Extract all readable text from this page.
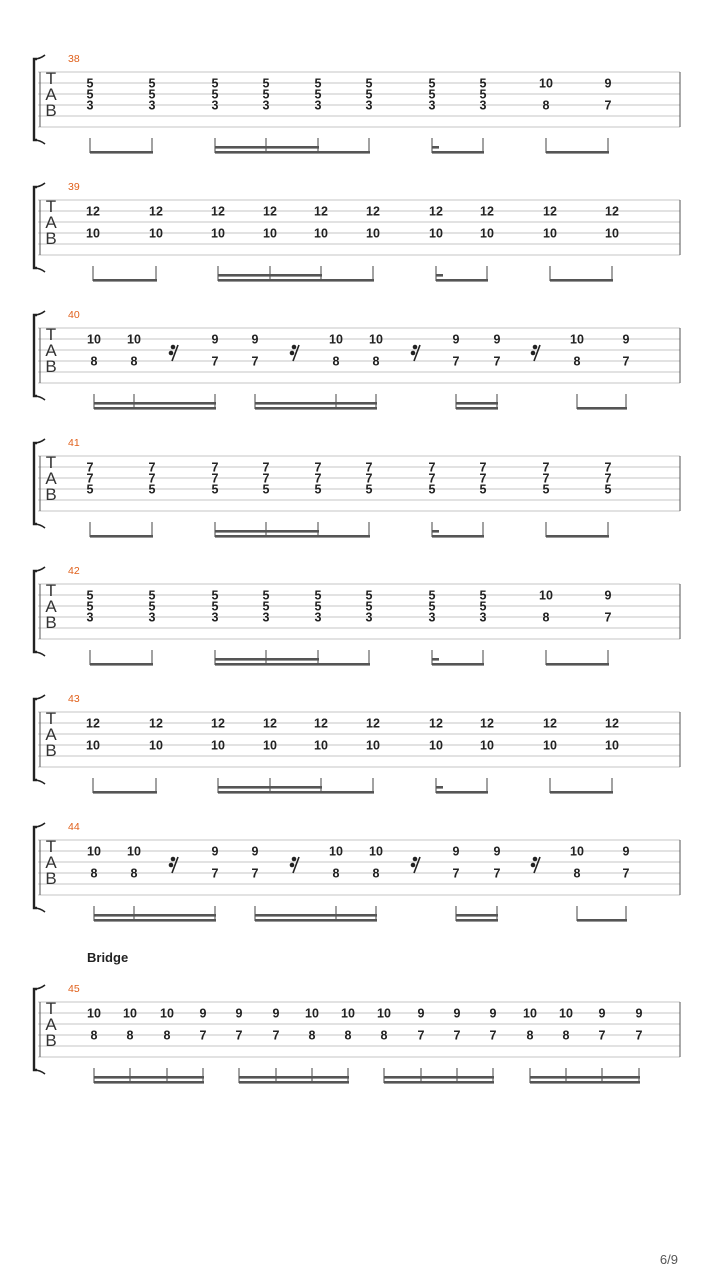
6/9
38
T
A
B
5
5
3
5
5
3
5
5
3
5
5
3
5
5
3
5
5
3
5
5
3
5
5
3
10
8
9
7
39
T
A
B
12
10
12
10
12
10
12
10
12
10
12
10
12
10
12
10
12
10
12
10
40
T
A
B
10
8
10
8
9
7
9
7
10
8
10
8
9
7
9
7
10
8
9
7
41
T
A
B
7
7
5
7
7
5
7
7
5
7
7
5
7
7
5
7
7
5
7
7
5
7
7
5
7
7
5
7
7
5
42
T
A
B
5
5
3
5
5
3
5
5
3
5
5
3
5
5
3
5
5
3
5
5
3
5
5
3
10
8
9
7
43
T
A
B
12
10
12
10
12
10
12
10
12
10
12
10
12
10
12
10
12
10
12
10
44
T
A
B
10
8
10
8
9
7
9
7
10
8
10
8
9
7
9
7
10
8
9
7
Bridge
45
T
A
B
10
8
10
8
10
8
9
7
9
7
9
7
10
8
10
8
10
8
9
7
9
7
9
7
10
8
10
8
9
7
9
7
